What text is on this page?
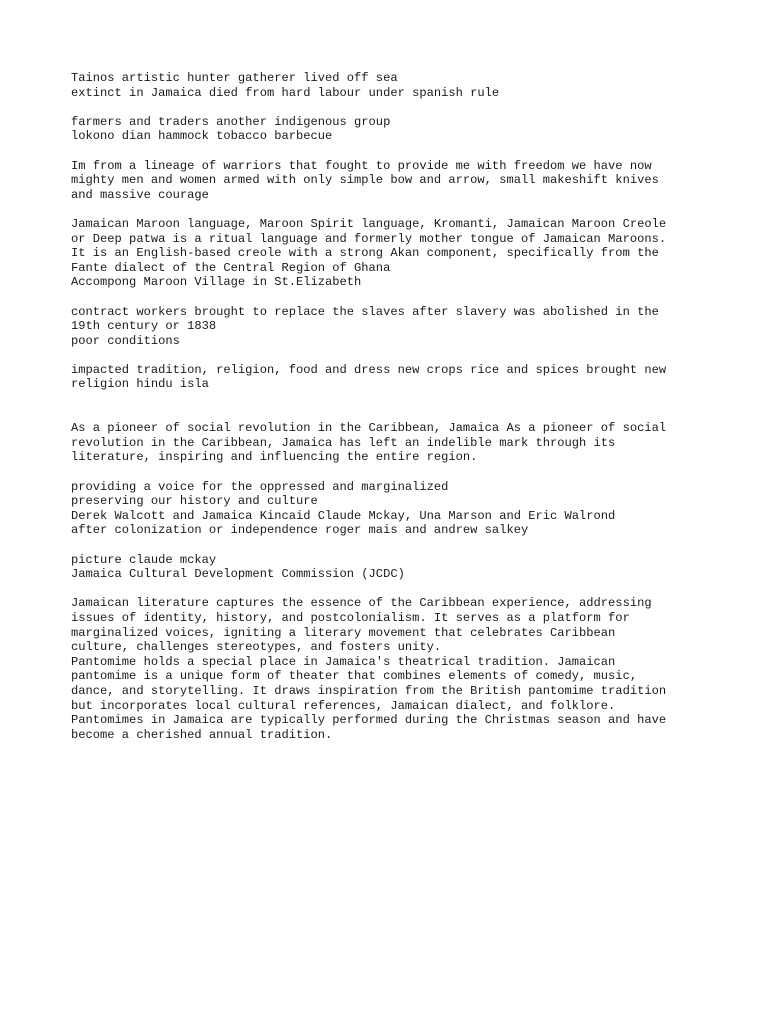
Tainos artistic hunter gatherer lived off sea
extinct in Jamaica died from hard labour under spanish rule
farmers and traders another indigenous group
lokono dian hammock tobacco barbecue
Im from a lineage of warriors that fought to provide me with freedom we have now
mighty men and women armed with only simple bow and arrow, small makeshift knives
and massive courage
Jamaican Maroon language, Maroon Spirit language, Kromanti, Jamaican Maroon Creole
or Deep patwa is a ritual language and formerly mother tongue of Jamaican Maroons.
It is an English-based creole with a strong Akan component, specifically from the
Fante dialect of the Central Region of Ghana
Accompong Maroon Village in St.Elizabeth
contract workers brought to replace the slaves after slavery was abolished in the
19th century or 1838
poor conditions
impacted tradition, religion, food and dress new crops rice and spices brought new
religion hindu isla
As a pioneer of social revolution in the Caribbean, Jamaica As a pioneer of social
revolution in the Caribbean, Jamaica has left an indelible mark through its
literature, inspiring and influencing the entire region.
providing a voice for the oppressed and marginalized
preserving our history and culture
Derek Walcott and Jamaica Kincaid Claude Mckay, Una Marson and Eric Walrond
after colonization or independence roger mais and andrew salkey
picture claude mckay
Jamaica Cultural Development Commission (JCDC)
Jamaican literature captures the essence of the Caribbean experience, addressing
issues of identity, history, and postcolonialism. It serves as a platform for
marginalized voices, igniting a literary movement that celebrates Caribbean
culture, challenges stereotypes, and fosters unity.
Pantomime holds a special place in Jamaica's theatrical tradition. Jamaican
pantomime is a unique form of theater that combines elements of comedy, music,
dance, and storytelling. It draws inspiration from the British pantomime tradition
but incorporates local cultural references, Jamaican dialect, and folklore.
Pantomimes in Jamaica are typically performed during the Christmas season and have
become a cherished annual tradition.
